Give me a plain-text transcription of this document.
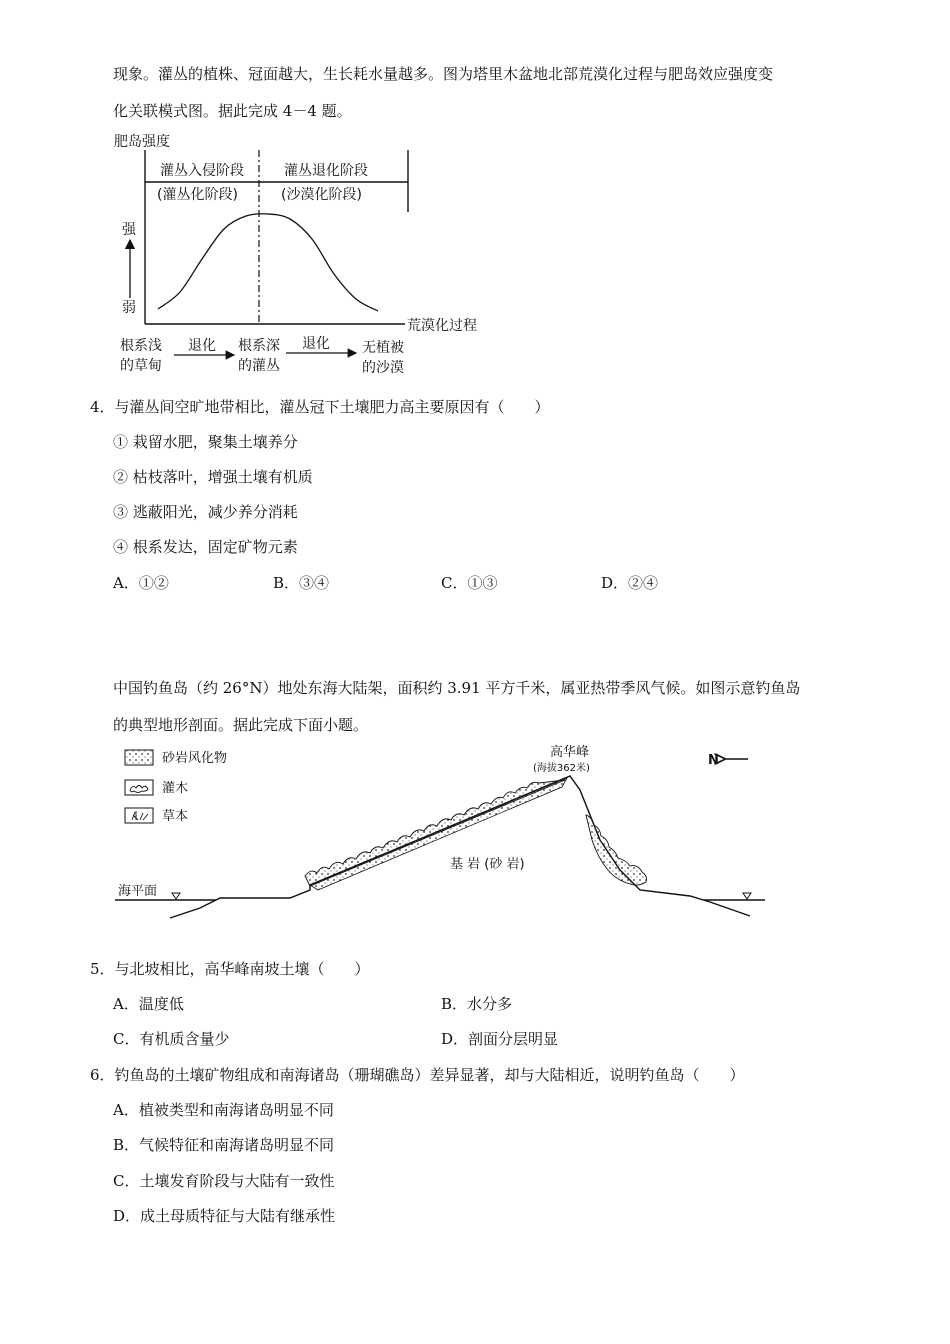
现象。灌丛的植株、冠面越大，生长耗水量越多。图为塔里木盆地北部荒漠化过程与肥岛效应强度变
化关联模式图。据此完成 4－4 题。
肥岛强度
灌丛入侵阶段
(灌丛化阶段)
灌丛退化阶段
(沙漠化阶段)
强
弱
荒漠化过程
根系浅
的草甸
退化 根系深
的灌丛
退化 无植被
的沙漠
4．与灌丛间空旷地带相比，灌丛冠下土壤肥力高主要原因有（　　）
① 栽留水肥，聚集土壤养分
② 枯枝落叶，增强土壤有机质
③ 逃蔽阳光，减少养分消耗
④ 根系发达，固定矿物元素
A．①②	B．③④	C．①③	D．②④
中国钓鱼岛（约 26°N）地处东海大陆架，面积约 3.91 平方千米，属亚热带季风气候。如图示意钓鱼岛
的典型地形剖面。据此完成下面小题。
砂岩风化物
灌木
草本
高华峰
(海拔362米)
N
海平面
基 岩 (砂 岩)
5．与北坡相比，高华峰南坡土壤（　　）
A．温度低	B．水分多
C．有机质含量少	D．剖面分层明显
6．钓鱼岛的土壤矿物组成和南海诸岛（珊瑚礁岛）差异显著，却与大陆相近，说明钓鱼岛（　　）
A．植被类型和南海诸岛明显不同
B．气候特征和南海诸岛明显不同
C．土壤发育阶段与大陆有一致性
D．成土母质特征与大陆有继承性
